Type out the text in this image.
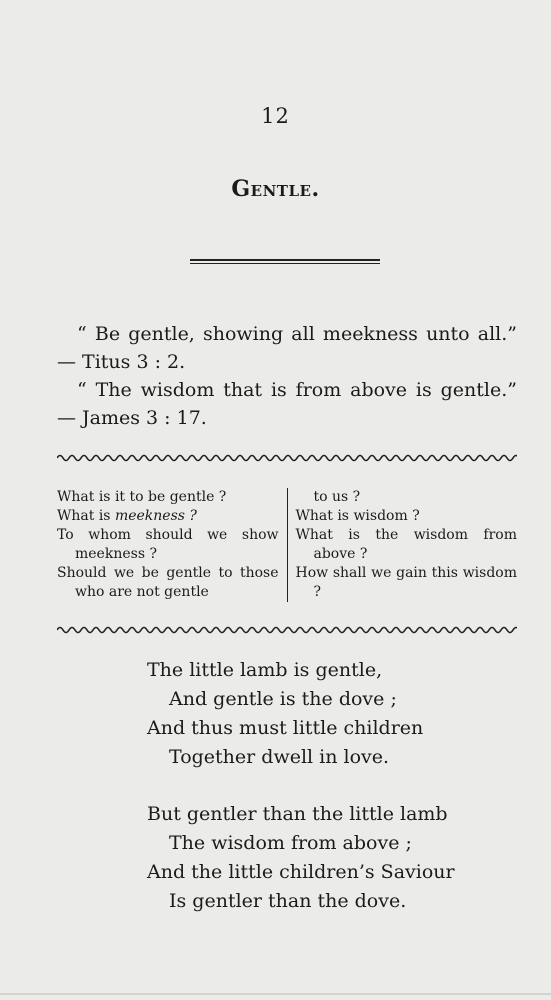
12
Gentle.

“ Be gentle, showing all meekness unto all.” — Titus 3 : 2.

“ The wisdom that is from above is gentle.” — James 3 : 17.

What is it to be gentle ?

What is meekness ?

To whom should we show meekness ?

Should we be gentle to those who are not gentle

to us ?

What is wisdom ?

What is the wisdom from above ?

How shall we gain this wisdom ?

The little lamb is gentle,

And gentle is the dove ;

And thus must little children

Together dwell in love.

But gentler than the little lamb

The wisdom from above ;

And the little children’s Saviour

Is gentler than the dove.
